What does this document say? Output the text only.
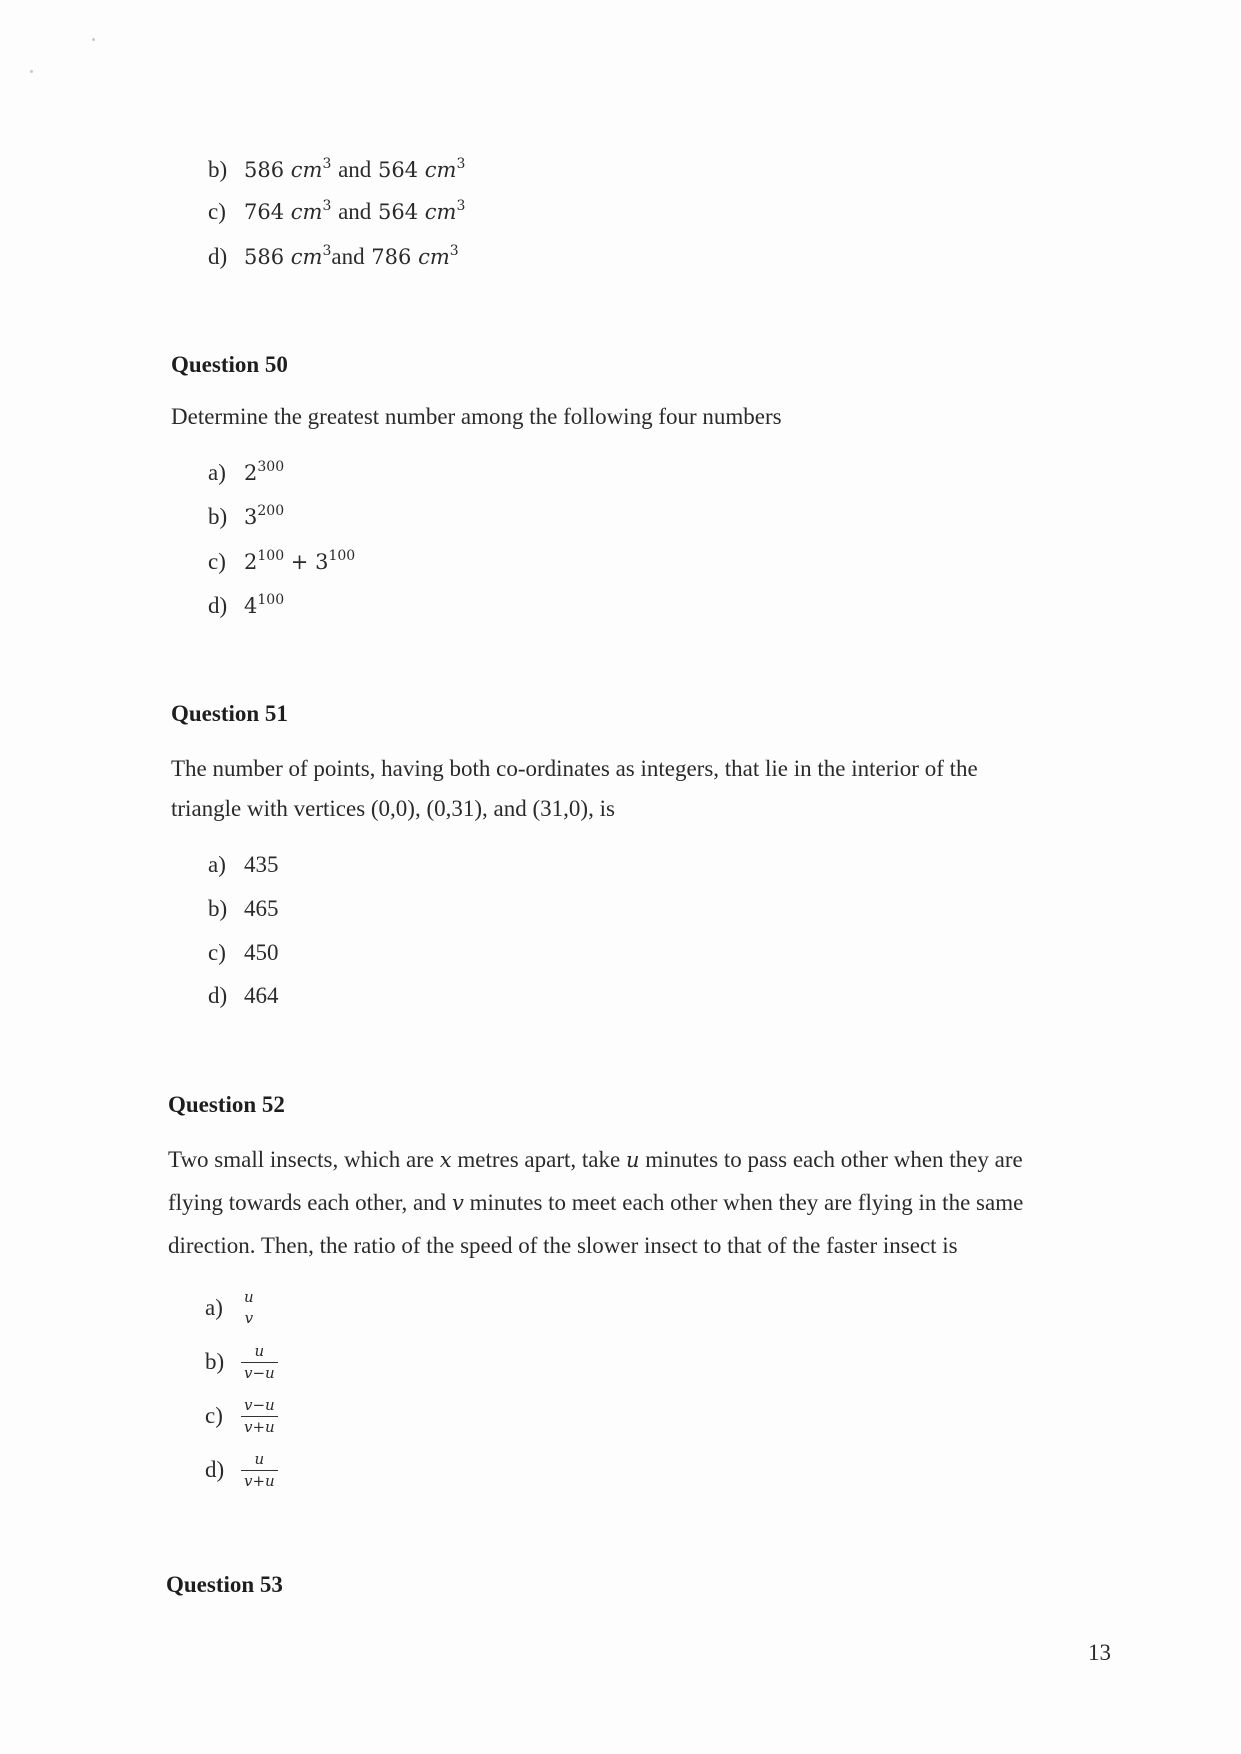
b) 586 $cm^3$ and 564 $cm^3$
c) 764 $cm^3$ and 564 $cm^3$
d) 586 $cm^3and$ 786 $cm^3$
Question 50
Determine the greatest number among the following four numbers
a) $2^{300}$
b) $3^{200}$
c) $2^{100} + 3^{100}$
d) $4^{100}$
Question 51
The number of points, having both co-ordinates as integers, that lie in the interior of the
triangle with vertices (0,0), (0,31), and (31,0), is
a) 435
b) 465
c) 450
d) 464
Question 52
Two small insects, which are x metres apart, take u minutes to pass each other when they are
flying towards each other, and v minutes to meet each other when they are flying in the same
direction. Then, the ratio of the speed of the slower insect to that of the faster insect is
a)	u
v
b)	$\frac{u}{v-u}$
c)	$\frac{v-u}{v+u}$
d)	$\frac{u}{v+u}$
Question 53
13
